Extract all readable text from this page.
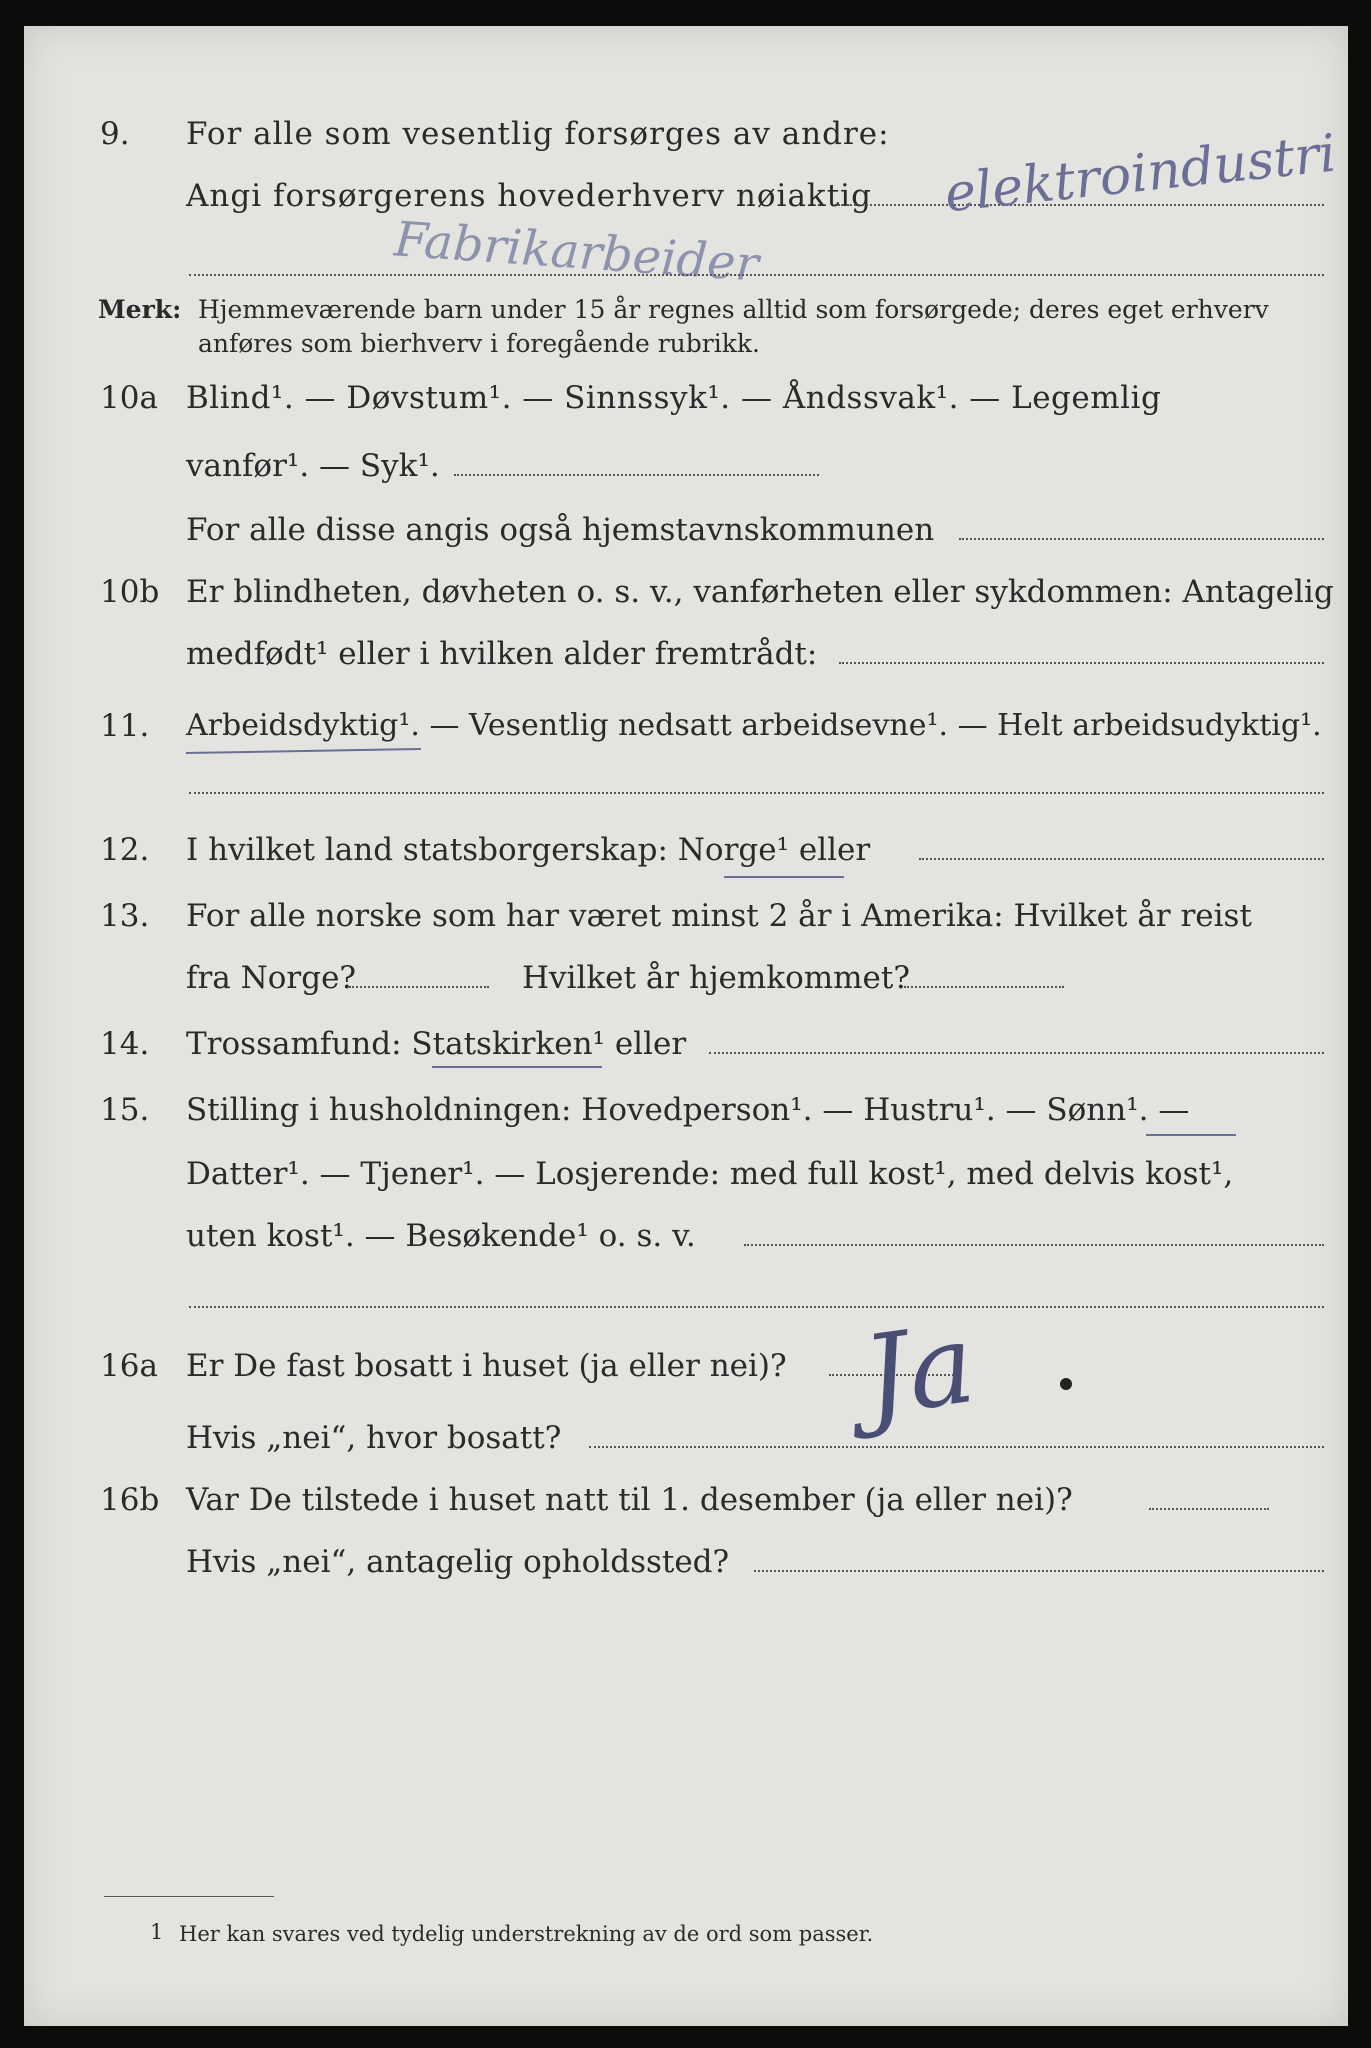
9. For alle som vesentlig forsørges av andre:
Angi forsørgerens hovederhverv nøiaktig elektroindustri
Fabrikarbeider
Merk: Hjemmeværende barn under 15 år regnes alltid som forsørgede; deres eget erhverv
anføres som bierhverv i foregående rubrikk.
10a Blind¹. — Døvstum¹. — Sinnssyk¹. — Åndssvak¹. — Legemlig
vanfør¹. — Syk¹.
For alle disse angis også hjemstavnskommunen
10b Er blindheten, døvheten o. s. v., vanførheten eller sykdommen: Antagelig
medfødt¹ eller i hvilken alder fremtrådt:
11. Arbeidsdyktig¹. — Vesentlig nedsatt arbeidsevne¹. — Helt arbeidsudyktig¹.
12. I hvilket land statsborgerskap: Norge¹ eller
13. For alle norske som har været minst 2 år i Amerika: Hvilket år reist
fra Norge?	Hvilket år hjemkommet?
14. Trossamfund: Statskirken¹ eller
15. Stilling i husholdningen: Hovedperson¹. — Hustru¹. — Sønn¹. —
Datter¹. — Tjener¹. — Losjerende: med full kost¹, med delvis kost¹,
uten kost¹. — Besøkende¹ o. s. v.
16a Er De fast bosatt i huset (ja eller nei)? Ja
Hvis „nei“, hvor bosatt?
16b Var De tilstede i huset natt til 1. desember (ja eller nei)?
Hvis „nei“, antagelig opholdssted?
1 Her kan svares ved tydelig understrekning av de ord som passer.
